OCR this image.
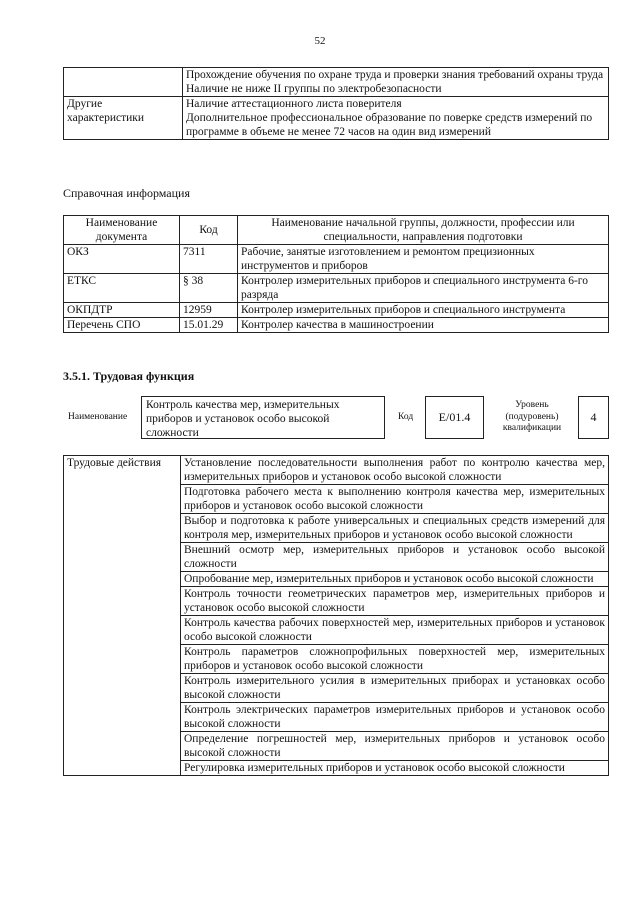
52

	Прохождение обучения по охране труда и проверки знания требований охраны труда
Наличие не ниже II группы по электробезопасности

Другие характеристики	Наличие аттестационного листа поверителя
Дополнительное профессиональное образование по поверке средств измерений по программе в объеме не менее 72 часов на один вид измерений
Справочная информация
Наименование документа	Код	Наименование начальной группы, должности, профессии или специальности, направления подготовки
ОКЗ	7311	Рабочие, занятые изготовлением и ремонтом прецизионных инструментов и приборов
ЕТКС	§ 38	Контролер измерительных приборов и специального инструмента 6-го разряда
ОКПДТР	12959	Контролер измерительных приборов и специального инструмента
Перечень СПО	15.01.29	Контролер качества в машиностроении
3.5.1. Трудовая функция
Наименование
Контроль качества мер, измерительных приборов и установок особо высокой сложности
Код	E/01.4
Уровень (подуровень) квалификации
4
Трудовые действия	Установление последовательности выполнения работ по контролю качества мер, измерительных приборов и установок особо высокой сложности
Подготовка рабочего места к выполнению контроля качества мер, измерительных приборов и установок особо высокой сложности
Выбор и подготовка к работе универсальных и специальных средств измерений для контроля мер, измерительных приборов и установок особо высокой сложности
Внешний осмотр мер, измерительных приборов и установок особо высокой сложности
Опробование мер, измерительных приборов и установок особо высокой сложности
Контроль точности геометрических параметров мер, измерительных приборов и установок особо высокой сложности
Контроль качества рабочих поверхностей мер, измерительных приборов и установок особо высокой сложности
Контроль параметров сложнопрофильных поверхностей мер, измерительных приборов и установок особо высокой сложности
Контроль измерительного усилия в измерительных приборах и установках особо высокой сложности
Контроль электрических параметров измерительных приборов и установок особо высокой сложности
Определение погрешностей мер, измерительных приборов и установок особо высокой сложности
Регулировка измерительных приборов и установок особо высокой сложности
